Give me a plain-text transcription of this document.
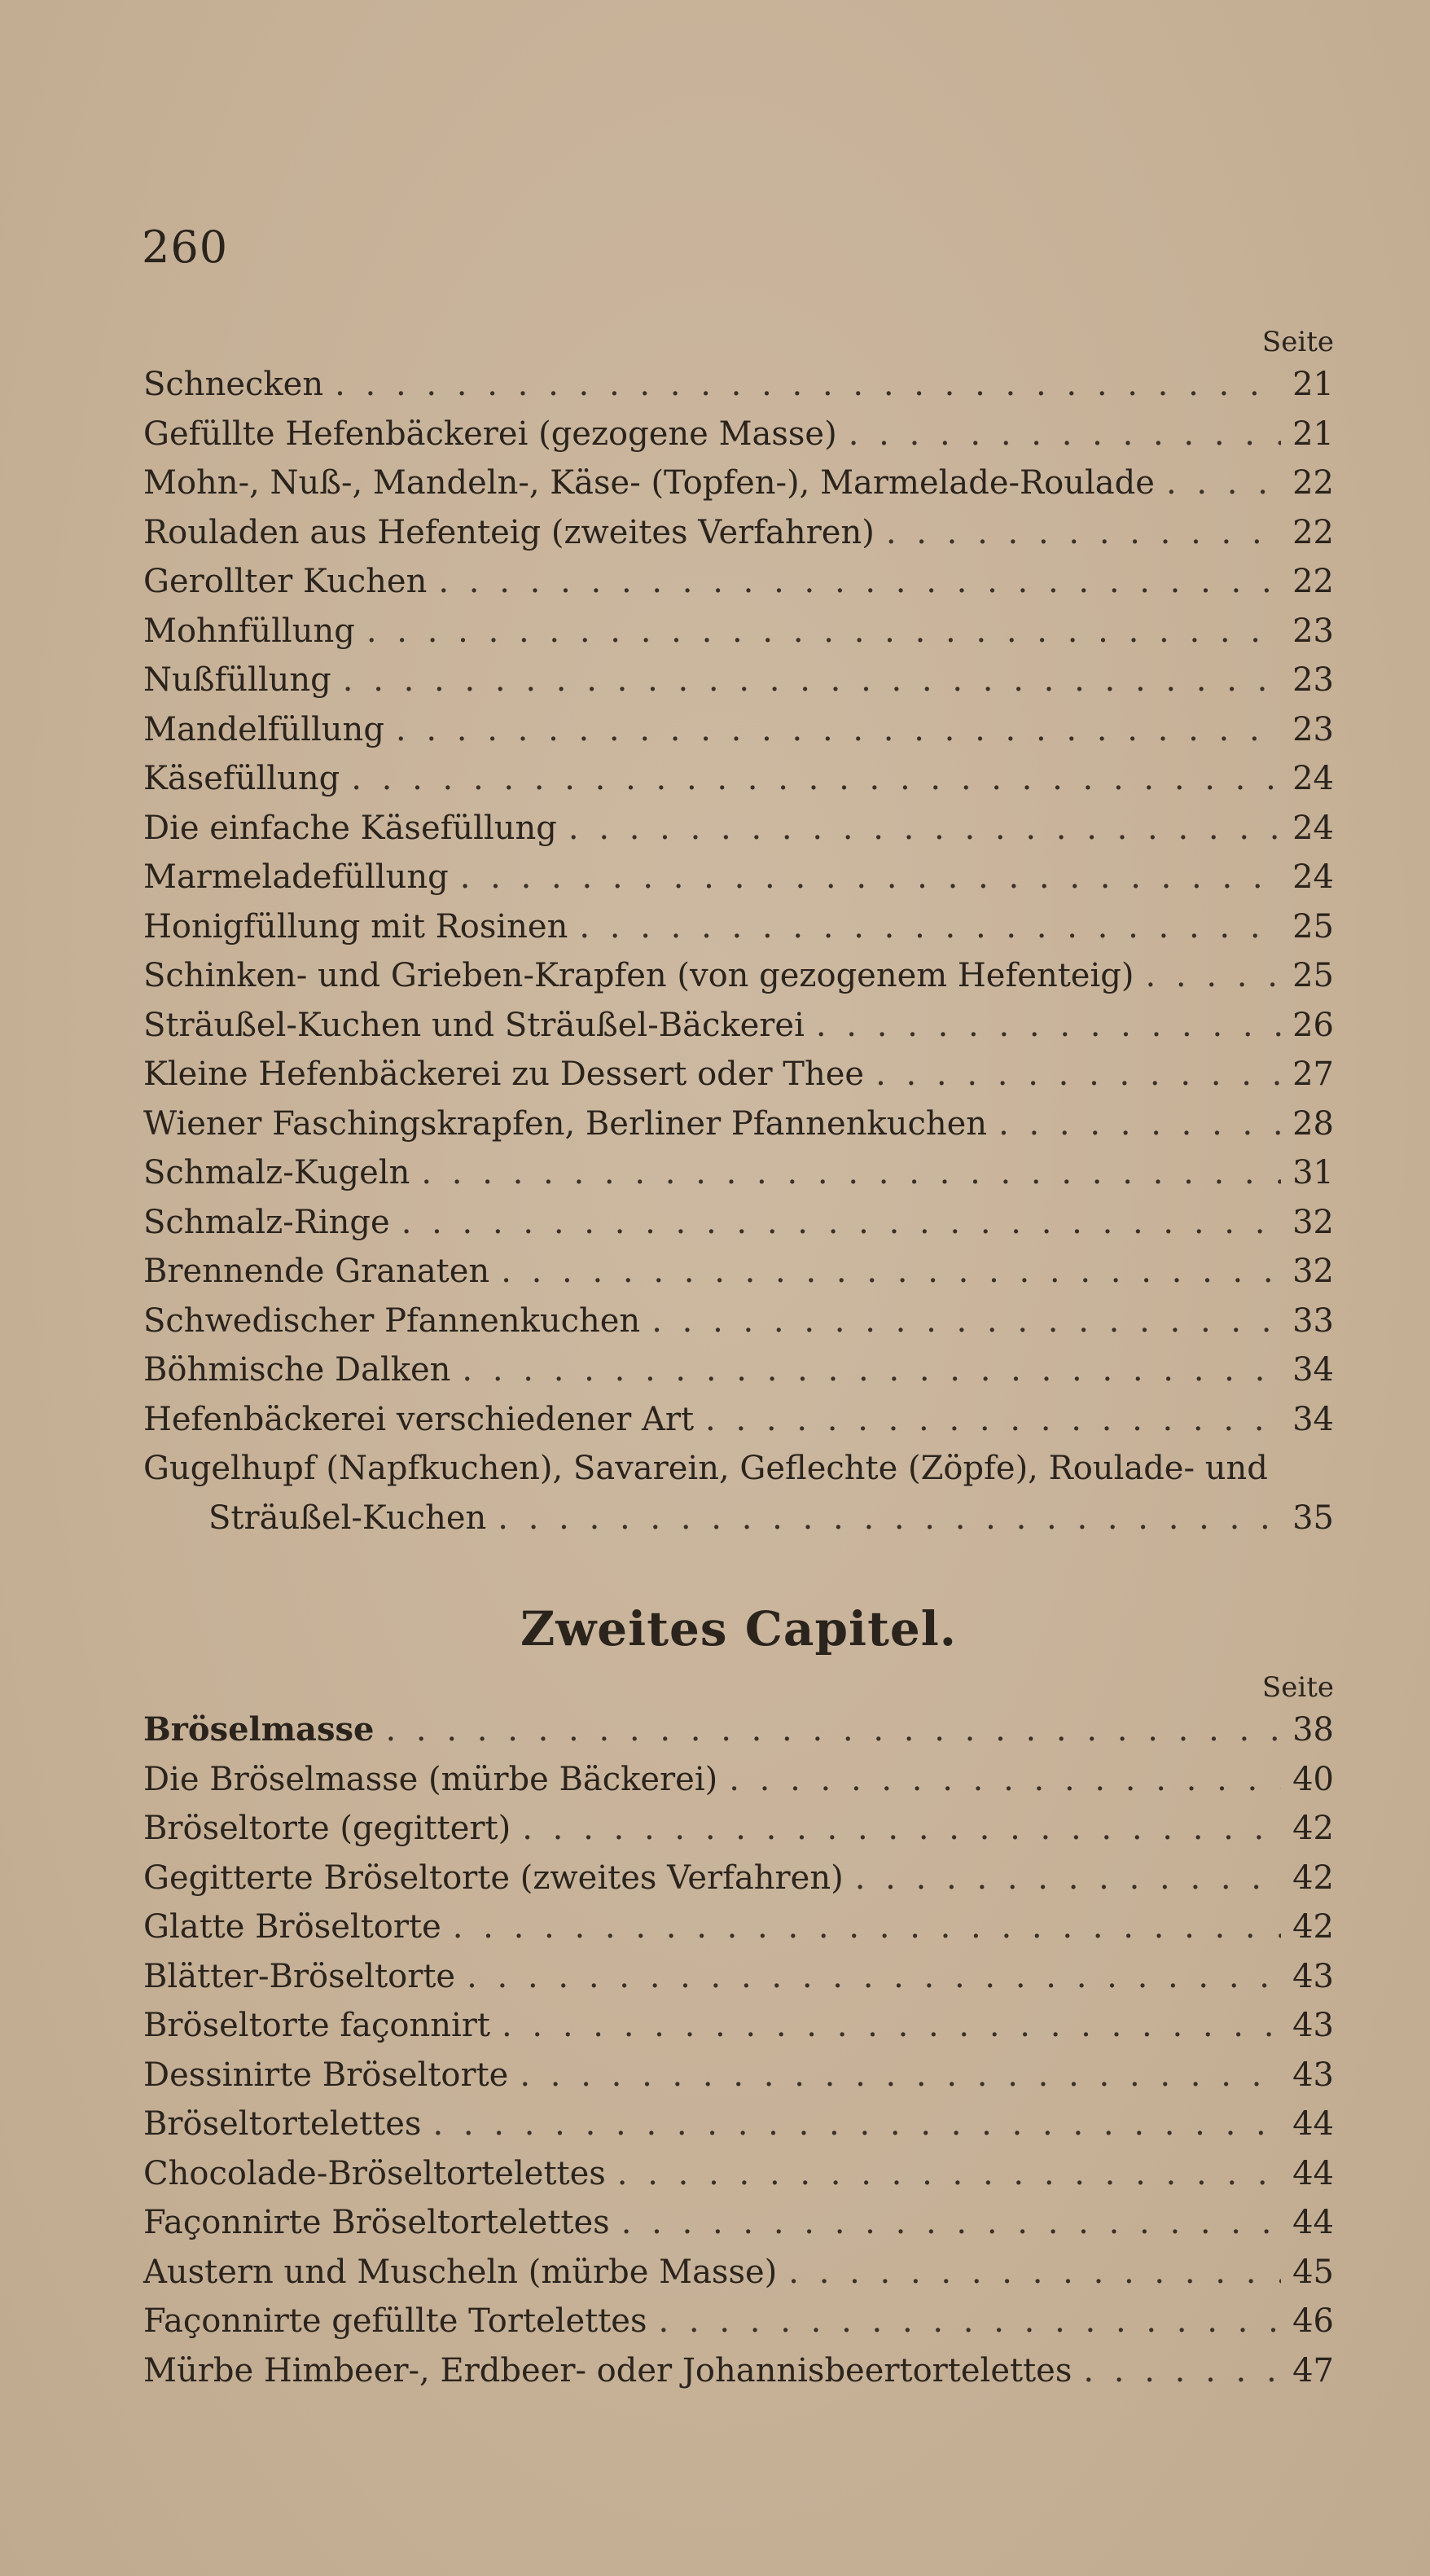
260
Seite
Schnecken . . .	21
Gefüllte Hefenbäckerei (gezogene Masse) . . .	21
Mohn-, Nuß-, Mandeln-, Käse- (Topfen-), Marmelade-Roulade . . .	22
Rouladen aus Hefenteig (zweites Verfahren) . . .	22
Gerollter Kuchen . . .	22
Mohnfüllung . . .	23
Nußfüllung . . .	23
Mandelfüllung . . .	23
Käsefüllung . . .	24
Die einfache Käsefüllung . . .	24
Marmeladefüllung . . .	24
Honigfüllung mit Rosinen . . .	25
Schinken- und Grieben-Krapfen (von gezogenem Hefenteig) . . .	25
Sträußel-Kuchen und Sträußel-Bäckerei . . .	26
Kleine Hefenbäckerei zu Dessert oder Thee . . .	27
Wiener Faschingskrapfen, Berliner Pfannenkuchen . . .	28
Schmalz-Kugeln . . .	31
Schmalz-Ringe . . .	32
Brennende Granaten . . .	32
Schwedischer Pfannenkuchen . . .	33
Böhmische Dalken . . .	34
Hefenbäckerei verschiedener Art . . .	34
Gugelhupf (Napfkuchen), Savarein, Geflechte (Zöpfe), Roulade- und
Sträußel-Kuchen . . .	35
Zweites Capitel.
Seite
Bröselmasse . . .	38
Die Bröselmasse (mürbe Bäckerei) . . .	40
Bröseltorte (gegittert) . . .	42
Gegitterte Bröseltorte (zweites Verfahren) . . .	42
Glatte Bröseltorte . . .	42
Blätter-Bröseltorte . . .	43
Bröseltorte façonnirt . . .	43
Dessinirte Bröseltorte . . .	43
Bröseltortelettes . . .	44
Chocolade-Bröseltortelettes . . .	44
Façonnirte Bröseltortelettes . . .	44
Austern und Muscheln (mürbe Masse) . . .	45
Façonnirte gefüllte Tortelettes . . .	46
Mürbe Himbeer-, Erdbeer- oder Johannisbeertortelettes . . .	47
